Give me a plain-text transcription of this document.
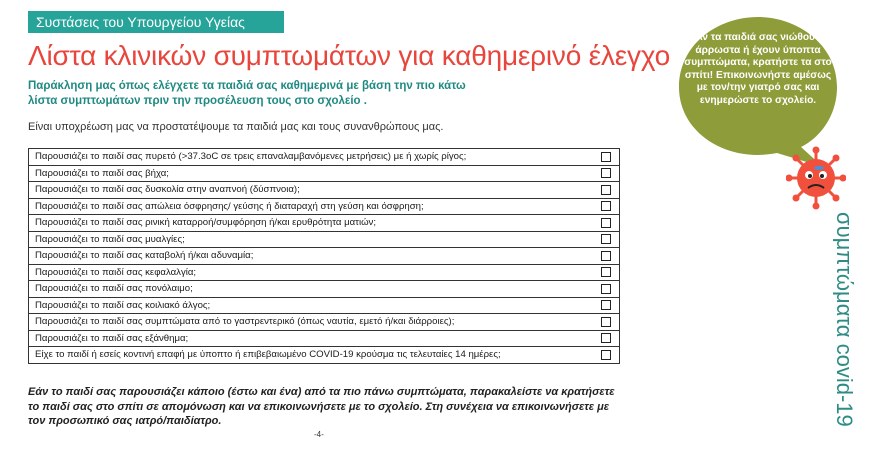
Συστάσεις του Υπουργείου Υγείας
Λίστα κλινικών συμπτωμάτων για καθημερινό έλεγχο
Παράκληση μας όπως ελέγχετε τα παιδιά σας καθημερινά με βάση την πιο κάτω λίστα συμπτωμάτων πριν την προσέλευση τους στο σχολείο .
Είναι υποχρέωση μας να προστατέψουμε τα παιδιά μας και τους συνανθρώπους μας.
Παρουσιάζει το παιδί σας πυρετό (>37.3oC σε τρεις επαναλαμβανόμενες μετρήσεις) με ή χωρίς ρίγος;	
Παρουσιάζει το παιδί σας βήχα;	
Παρουσιάζει το παιδί σας δυσκολία στην αναπνοή (δύσπνοια);	
Παρουσιάζει το παιδί σας απώλεια όσφρησης/ γεύσης ή διαταραχή στη γεύση και όσφρηση;	
Παρουσιάζει το παιδί σας ρινική καταρροή/συμφόρηση ή/και ερυθρότητα ματιών;	
Παρουσιάζει το παιδί σας μυαλγίες;	
Παρουσιάζει το παιδί σας καταβολή ή/και αδυναμία;	
Παρουσιάζει το παιδί σας κεφαλαλγία;	
Παρουσιάζει το παιδί σας πονόλαιμο;	
Παρουσιάζει το παιδί σας κοιλιακό άλγος;	
Παρουσιάζει το παιδί σας συμπτώματα από το γαστρεντερικό (όπως ναυτία, εμετό ή/και διάρροιες);	
Παρουσιάζει το παιδί σας εξάνθημα;	
Είχε το παιδί ή εσείς κοντινή επαφή με ύποπτο ή επιβεβαιωμένο COVID-19 κρούσμα τις τελευταίες 14 ημέρες;	
Εάν το παιδί σας παρουσιάζει κάποιο (έστω και ένα) από τα πιο πάνω συμπτώματα, παρακαλείστε να κρατήσετε το παιδί σας στο σπίτι σε απομόνωση και να επικοινωνήσετε με το σχολείο. Στη συνέχεια να επικοινωνήσετε με τον προσωπικό σας ιατρό/παιδίατρο.
-4-
Αν τα παιδιά σας νιώθουν άρρωστα ή έχουν ύποπτα συμπτώματα, κρατήστε τα στο σπίτι! Επικοινωνήστε αμέσως με τον/την γιατρό σας και ενημερώστε το σχολείο.
συμπτώματα covid-19
